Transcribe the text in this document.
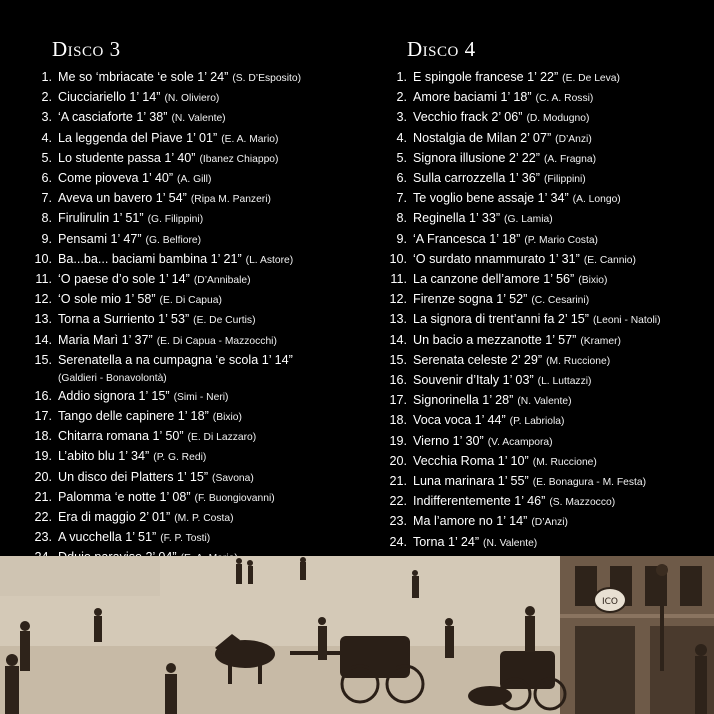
Disco 3
1. Me so ‘mbriacate ‘e sole 1’ 24” (S. D’Esposito)
2. Ciucciariello 1’ 14” (N. Oliviero)
3. ‘A casciaforte 1’ 38” (N. Valente)
4. La leggenda del Piave 1’ 01” (E. A. Mario)
5. Lo studente passa 1’ 40” (Ibanez Chiappo)
6. Come pioveva 1’ 40” (A. Gill)
7. Aveva un bavero 1’ 54” (Ripa M. Panzeri)
8. Firulirulin 1’ 51” (G. Filippini)
9. Pensami 1’ 47” (G. Belfiore)
10. Ba...ba... baciami bambina 1’ 21” (L. Astore)
11. ‘O paese d’o sole 1’ 14” (D’Annibale)
12. ‘O sole mio 1’ 58” (E. Di Capua)
13. Torna a Surriento 1’ 53” (E. De Curtis)
14. Maria Marì 1’ 37” (E. Di Capua - Mazzocchi)
15. Serenatella a na cumpagna ‘e scola 1’ 14”
(Galdieri - Bonavolontà)
16. Addio signora 1’ 15” (Simi - Neri)
17. Tango delle capinere 1’ 18” (Bixio)
18. Chitarra romana 1’ 50” (E. Di Lazzaro)
19. L’abito blu 1’ 34” (P. G. Redi)
20. Un disco dei Platters 1’ 15” (Savona)
21. Palomma ‘e notte 1’ 08” (F. Buongiovanni)
22. Era di maggio 2’ 01” (M. P. Costa)
23. A vucchella 1’ 51” (F. P. Tosti)
Disco 4
1. E spingole francese 1’ 22” (E. De Leva)
2. Amore baciami 1’ 18” (C. A. Rossi)
3. Vecchio frack 2’ 06” (D. Modugno)
4. Nostalgia de Milan 2’ 07” (D’Anzi)
5. Signora illusione 2’ 22” (A. Fragna)
6. Sulla carrozzella 1’ 36” (Filippini)
7. Te voglio bene assaje 1’ 34” (A. Longo)
8. Reginella 1’ 33” (G. Lamia)
9. ‘A Francesca 1’ 18” (P. Mario Costa)
10. ‘O surdato nnammurato 1’ 31” (E. Cannio)
11. La canzone dell’amore 1’ 56” (Bixio)
12. Firenze sogna 1’ 52” (C. Cesarini)
13. La signora di trent’anni fa 2’ 15” (Leoni - Natoli)
14. Un bacio a mezzanotte 1’ 57” (Kramer)
15. Serenata celeste 2’ 29” (M. Ruccione)
16. Souvenir d’Italy 1’ 03” (L. Luttazzi)
17. Signorinella 1’ 28” (N. Valente)
18. Voca voca 1’ 44” (P. Labriola)
19. Vierno 1’ 30” (V. Acampora)
20. Vecchia Roma 1’ 10” (M. Ruccione)
21. Luna marinara 1’ 55” (E. Bonagura - M. Festa)
22. Indifferentemente 1’ 46” (S. Mazzocco)
23. Ma l’amore no 1’ 14” (D’Anzi)
24. Torna 1’ 24” (N. Valente)
ICO
